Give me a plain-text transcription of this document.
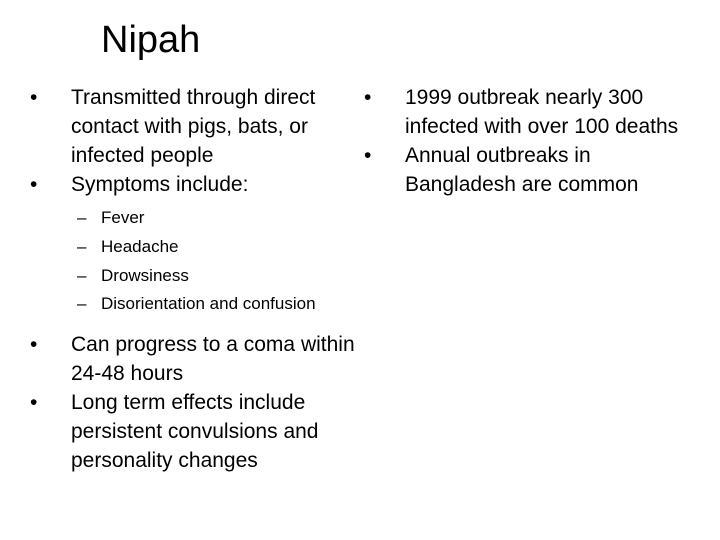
Nipah
•	Transmitted through direct contact with pigs, bats, or infected people
•	Symptoms include:
– Fever
– Headache
– Drowsiness
– Disorientation and confusion
•	Can progress to a coma within 24-48 hours
•	Long term effects include persistent convulsions and personality changes
•	1999 outbreak nearly 300 infected with over 100 deaths
•	Annual outbreaks in Bangladesh are common
